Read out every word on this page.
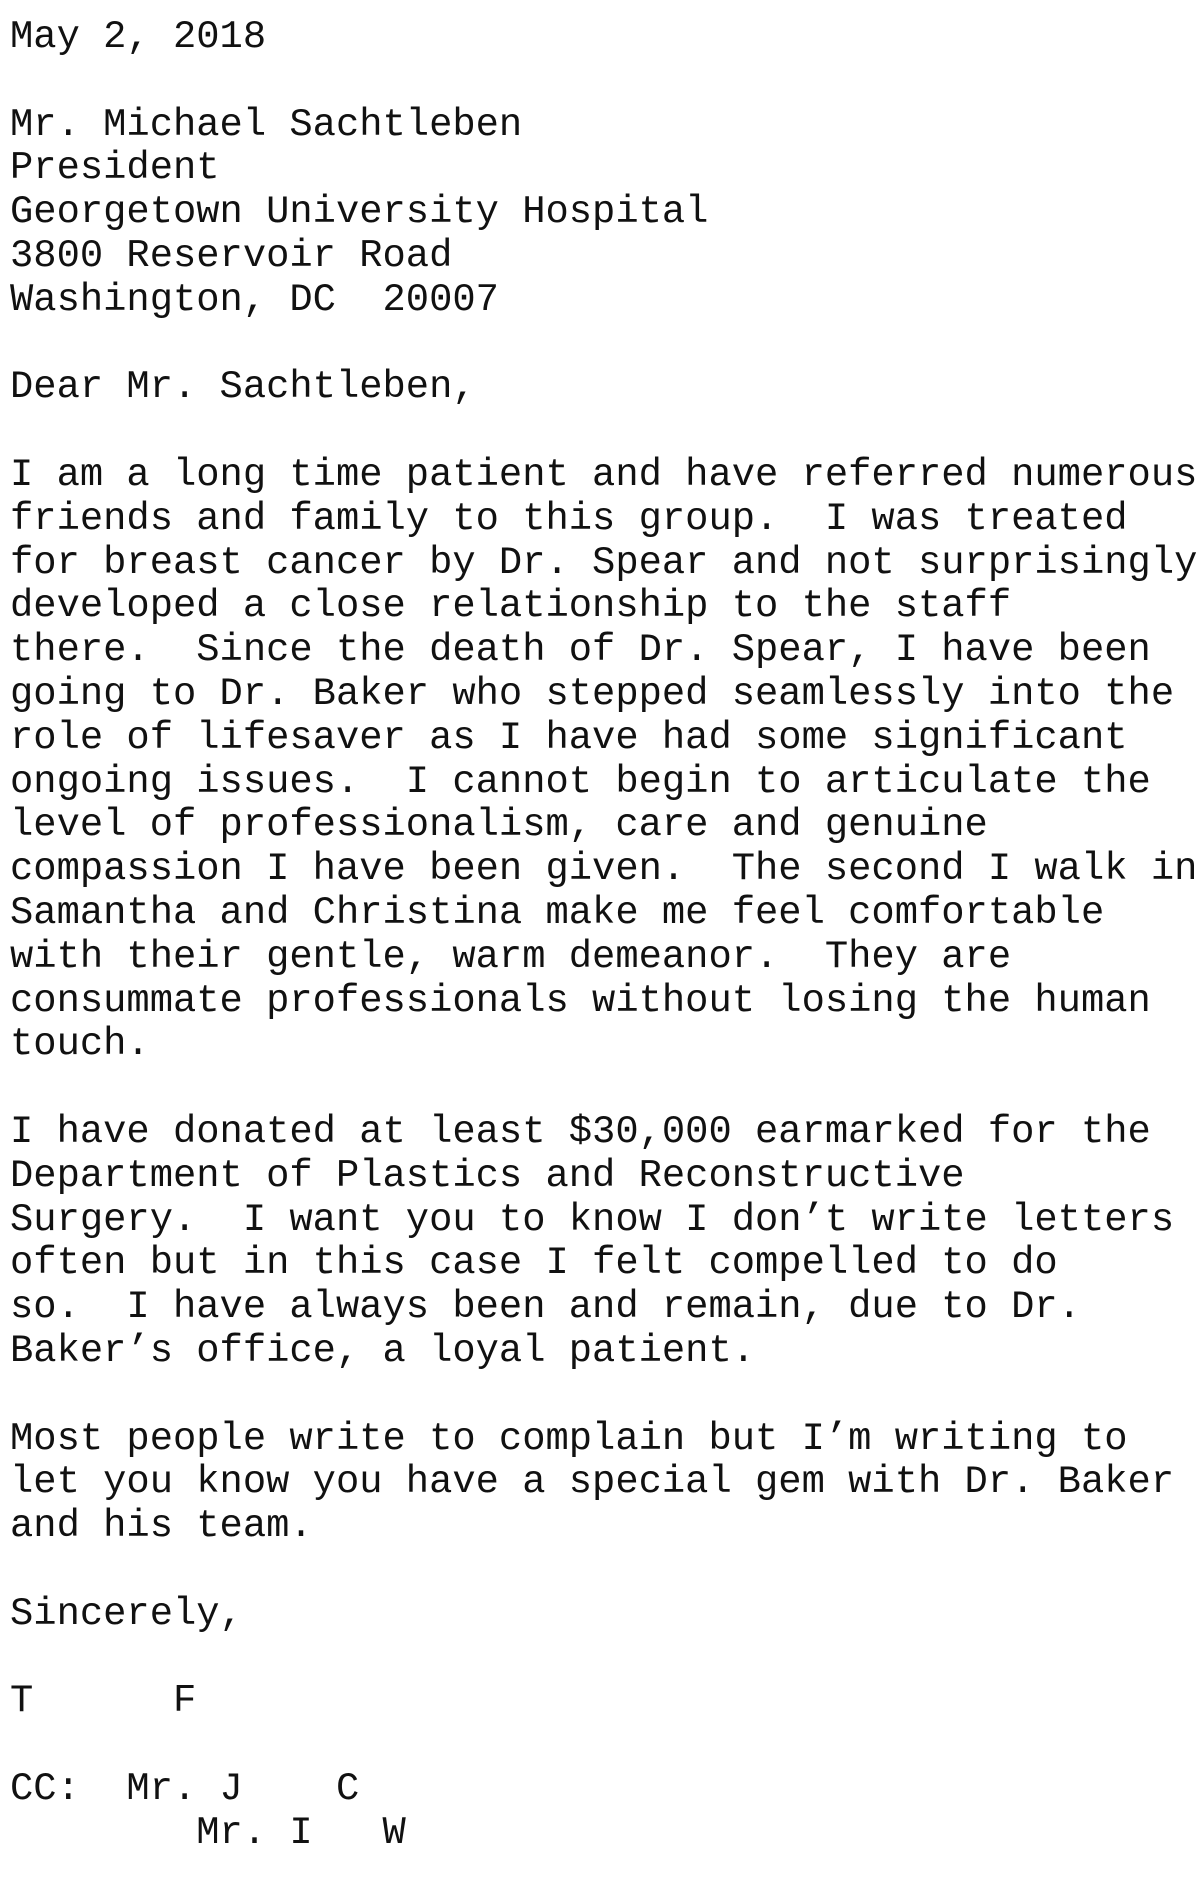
May 2, 2018
Mr. Michael Sachtleben
President
Georgetown University Hospital
3800 Reservoir Road
Washington, DC  20007
Dear Mr. Sachtleben,
I am a long time patient and have referred numerous
friends and family to this group.  I was treated
for breast cancer by Dr. Spear and not surprisingly
developed a close relationship to the staff
there.  Since the death of Dr. Spear, I have been
going to Dr. Baker who stepped seamlessly into the
role of lifesaver as I have had some significant
ongoing issues.  I cannot begin to articulate the
level of professionalism, care and genuine
compassion I have been given.  The second I walk in
Samantha and Christina make me feel comfortable
with their gentle, warm demeanor.  They are
consummate professionals without losing the human
touch.
I have donated at least $30,000 earmarked for the
Department of Plastics and Reconstructive
Surgery.  I want you to know I don’t write letters
often but in this case I felt compelled to do
so.  I have always been and remain, due to Dr.
Baker’s office, a loyal patient.
Most people write to complain but I’m writing to
let you know you have a special gem with Dr. Baker
and his team.
Sincerely,
T      F
CC:  Mr. J    C
Mr. I   W
